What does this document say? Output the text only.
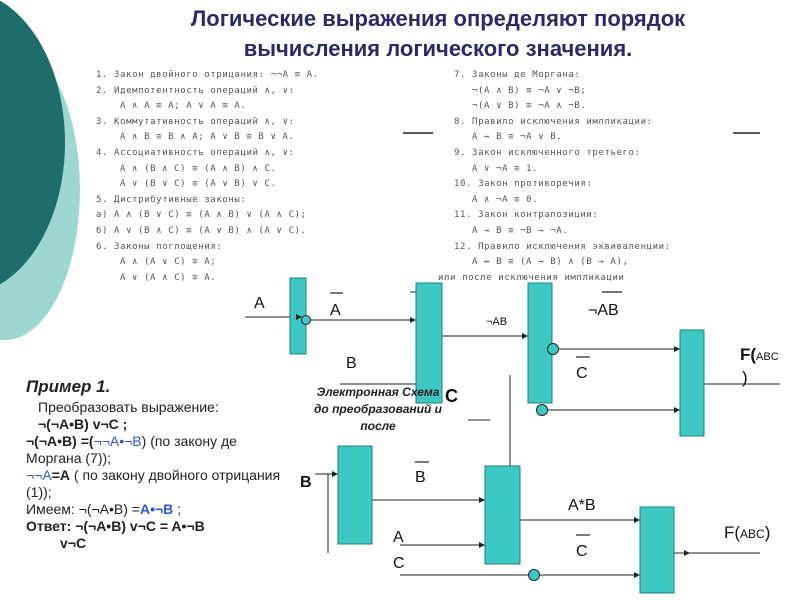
Логические выражения определяют порядок
вычисления логического значения.
1. Закон двойного отрицания: ¬¬A ≡ A.
2. Идемпотентность операций ∧, ∨:
A ∧ A ≡ A; A ∨ A ≡ A.
3. Коммутативность операций ∧, ∨:
A ∧ B ≡ B ∧ A; A ∨ B ≡ B ∨ A.
4. Ассоциативность операций ∧, ∨:
A ∧ (B ∧ C) ≡ (A ∧ B) ∧ C.
A ∨ (B ∨ C) ≡ (A ∨ B) ∨ C.
5. Дистрибутивные законы:
а) A ∧ (B ∨ C) ≡ (A ∧ B) ∨ (A ∧ C);
б) A ∨ (B ∧ C) ≡ (A ∨ B) ∧ (A ∨ C).
6. Законы поглощения:
A ∧ (A ∨ C) ≡ A;
A ∨ (A ∧ C) ≡ A.
7. Законы де Моргана:
¬(A ∧ B) ≡ ¬A ∨ ¬B;
¬(A ∨ B) ≡ ¬A ∧ ¬B.
8. Правило исключения импликации:
A → B ≡ ¬A ∨ B.
9. Закон исключенного третьего:
A ∨ ¬A ≡ 1.
10. Закон противоречия:
A ∧ ¬A ≡ 0.
11. Закон контрапозиции:
A → B ≡ ¬B → ¬A.
12. Правило исключения эквиваленции:
A ↔ B ≡ (A → B) ∧ (B → A),
или после исключения импликации
A	A
¬AB
¬AB
B
C
C
F(ABC
)
B	B
A*B
A
C
C
F(ABC)
Электронная Схема
до преобразований и
после
Пример 1.
Преобразовать выражение:
¬(¬A•B) v¬C ;
¬(¬A•B) =(¬¬A•¬B) (по закону де Моргана (7));
¬¬A=A ( по закону двойного отрицания (1));
Имеем: ¬(¬A•B) =A•¬B ;
Ответ: ¬(¬A•B) v¬C = A•¬B
v¬C
